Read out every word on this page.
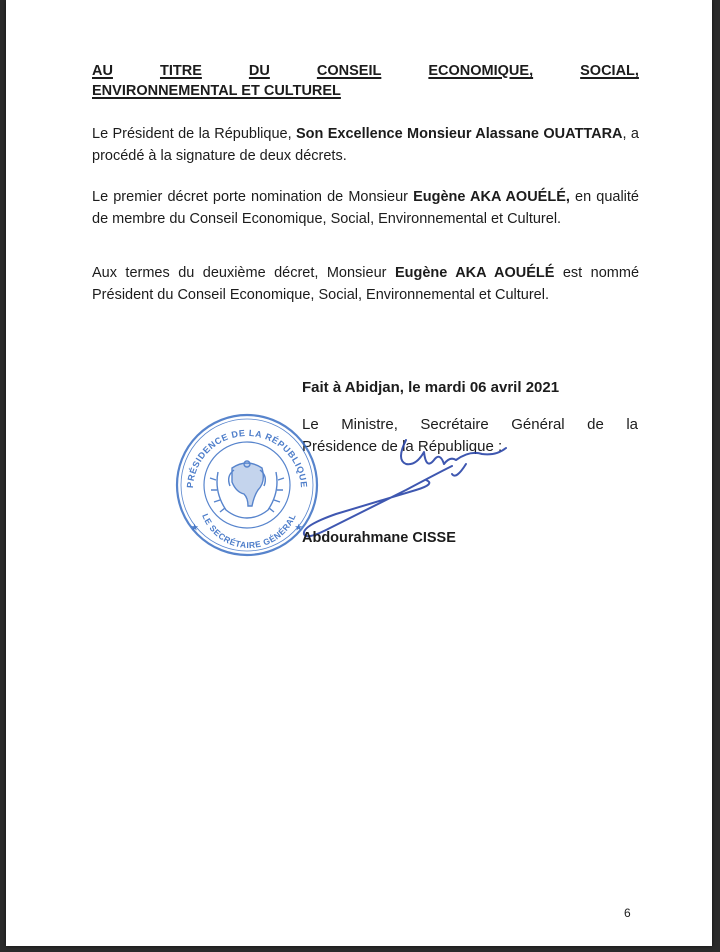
AU	TITRE	DU	CONSEIL	ECONOMIQUE,	SOCIAL,
ENVIRONNEMENTAL ET CULTUREL

Le Président de la République, Son Excellence Monsieur Alassane OUATTARA, a procédé à la signature de deux décrets.

Le premier décret porte nomination de Monsieur Eugène AKA AOUÉLÉ, en qualité de membre du Conseil Economique, Social, Environnemental et Culturel.

Aux termes du deuxième décret, Monsieur Eugène AKA AOUÉLÉ est nommé Président du Conseil Economique, Social, Environnemental et Culturel.

Fait à Abidjan, le mardi 06 avril 2021
Le Ministre, Secrétaire Général de la
Présidence de la République :
PRÉSIDENCE DE LA RÉPUBLIQUE
LE SECRÉTAIRE GÉNÉRAL
★	★
Abdourahmane CISSE
6
